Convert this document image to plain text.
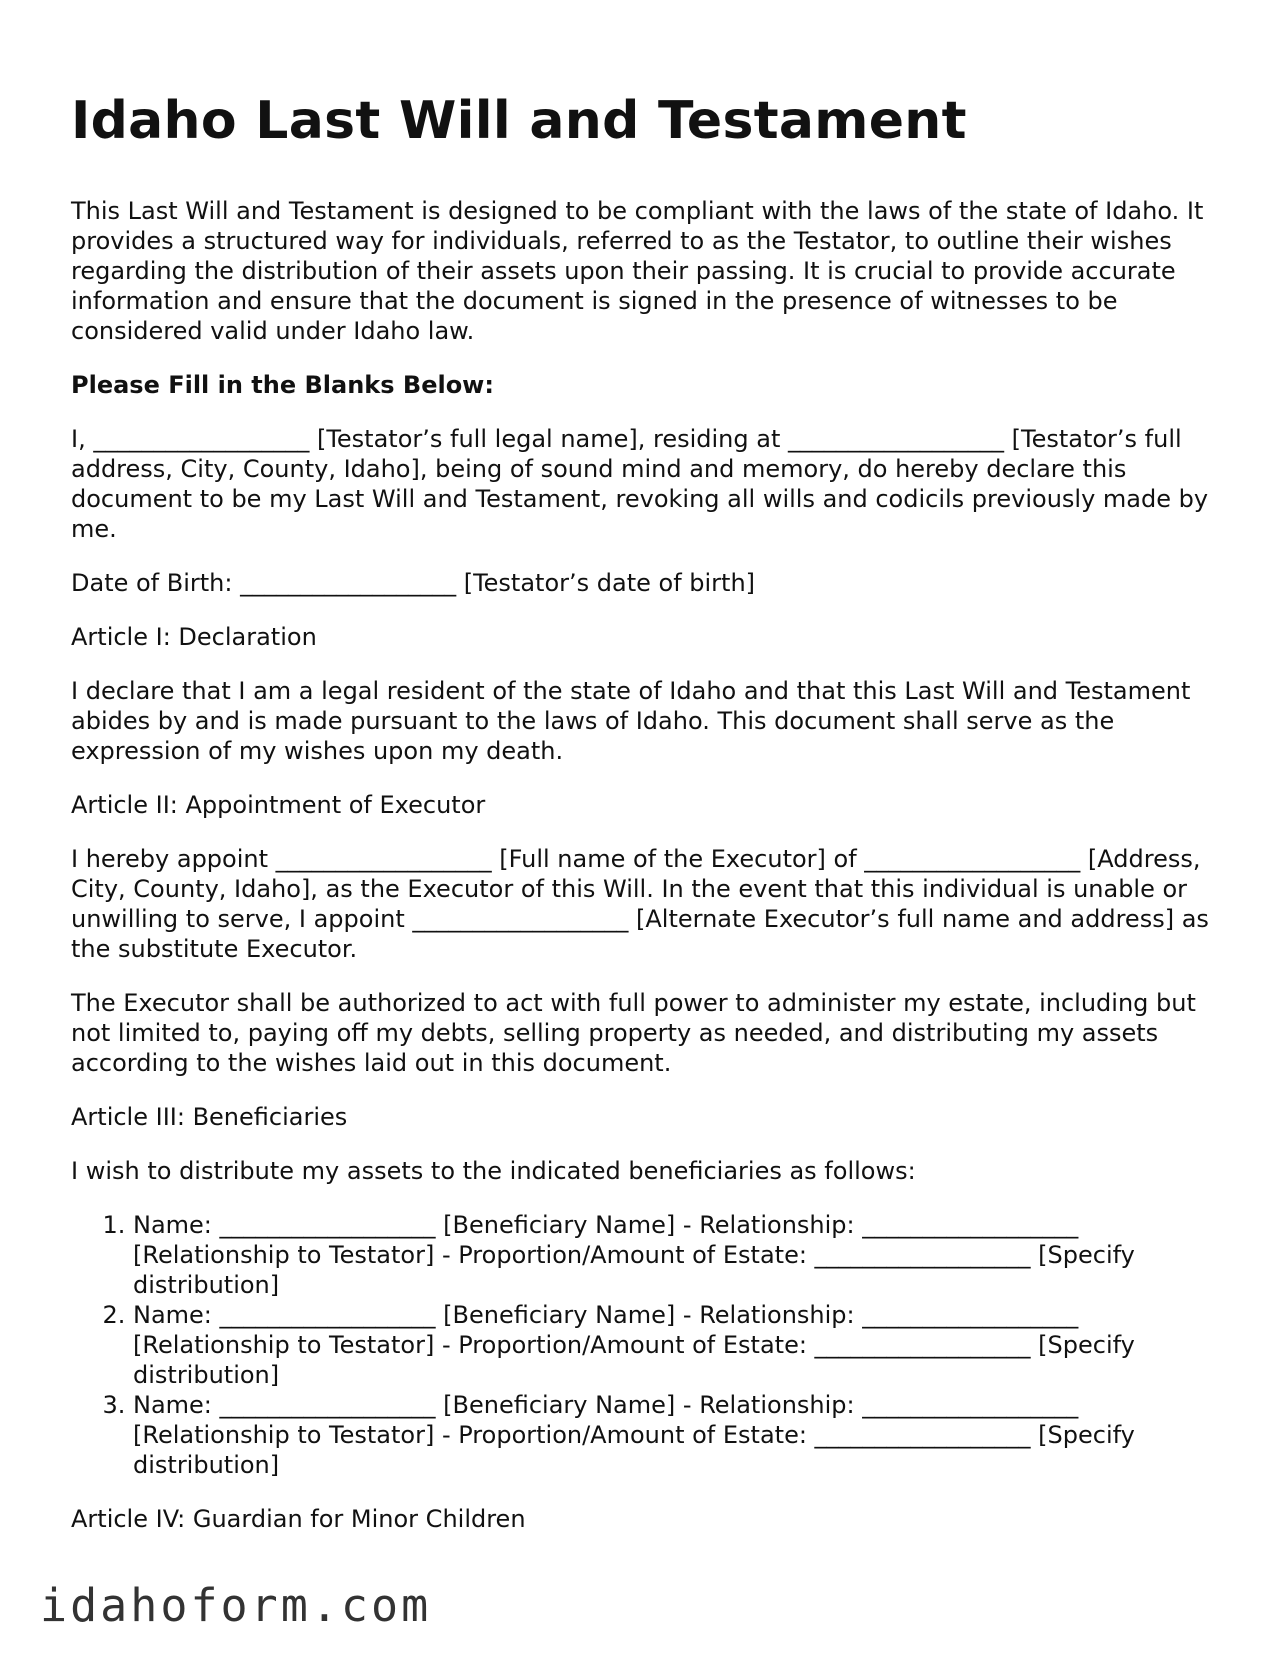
Idaho Last Will and Testament

This Last Will and Testament is designed to be compliant with the laws of the state of Idaho. It provides a structured way for individuals, referred to as the Testator, to outline their wishes regarding the distribution of their assets upon their passing. It is crucial to provide accurate information and ensure that the document is signed in the presence of witnesses to be considered valid under Idaho law.

Please Fill in the Blanks Below:

I, __________________ [Testator’s full legal name], residing at __________________ [Testator’s full address, City, County, Idaho], being of sound mind and memory, do hereby declare this document to be my Last Will and Testament, revoking all wills and codicils previously made by me.

Date of Birth: __________________ [Testator’s date of birth]

Article I: Declaration

I declare that I am a legal resident of the state of Idaho and that this Last Will and Testament abides by and is made pursuant to the laws of Idaho. This document shall serve as the expression of my wishes upon my death.

Article II: Appointment of Executor

I hereby appoint __________________ [Full name of the Executor] of __________________ [Address, City, County, Idaho], as the Executor of this Will. In the event that this individual is unable or unwilling to serve, I appoint __________________ [Alternate Executor’s full name and address] as the substitute Executor.

The Executor shall be authorized to act with full power to administer my estate, including but not limited to, paying off my debts, selling property as needed, and distributing my assets according to the wishes laid out in this document.

Article III: Beneficiaries

I wish to distribute my assets to the indicated beneficiaries as follows:

1. Name: __________________ [Beneficiary Name] - Relationship: __________________ [Relationship to Testator] - Proportion/Amount of Estate: __________________ [Specify distribution]
2. Name: __________________ [Beneficiary Name] - Relationship: __________________ [Relationship to Testator] - Proportion/Amount of Estate: __________________ [Specify distribution]
3. Name: __________________ [Beneficiary Name] - Relationship: __________________ [Relationship to Testator] - Proportion/Amount of Estate: __________________ [Specify distribution]

Article IV: Guardian for Minor Children

idahoform.com
